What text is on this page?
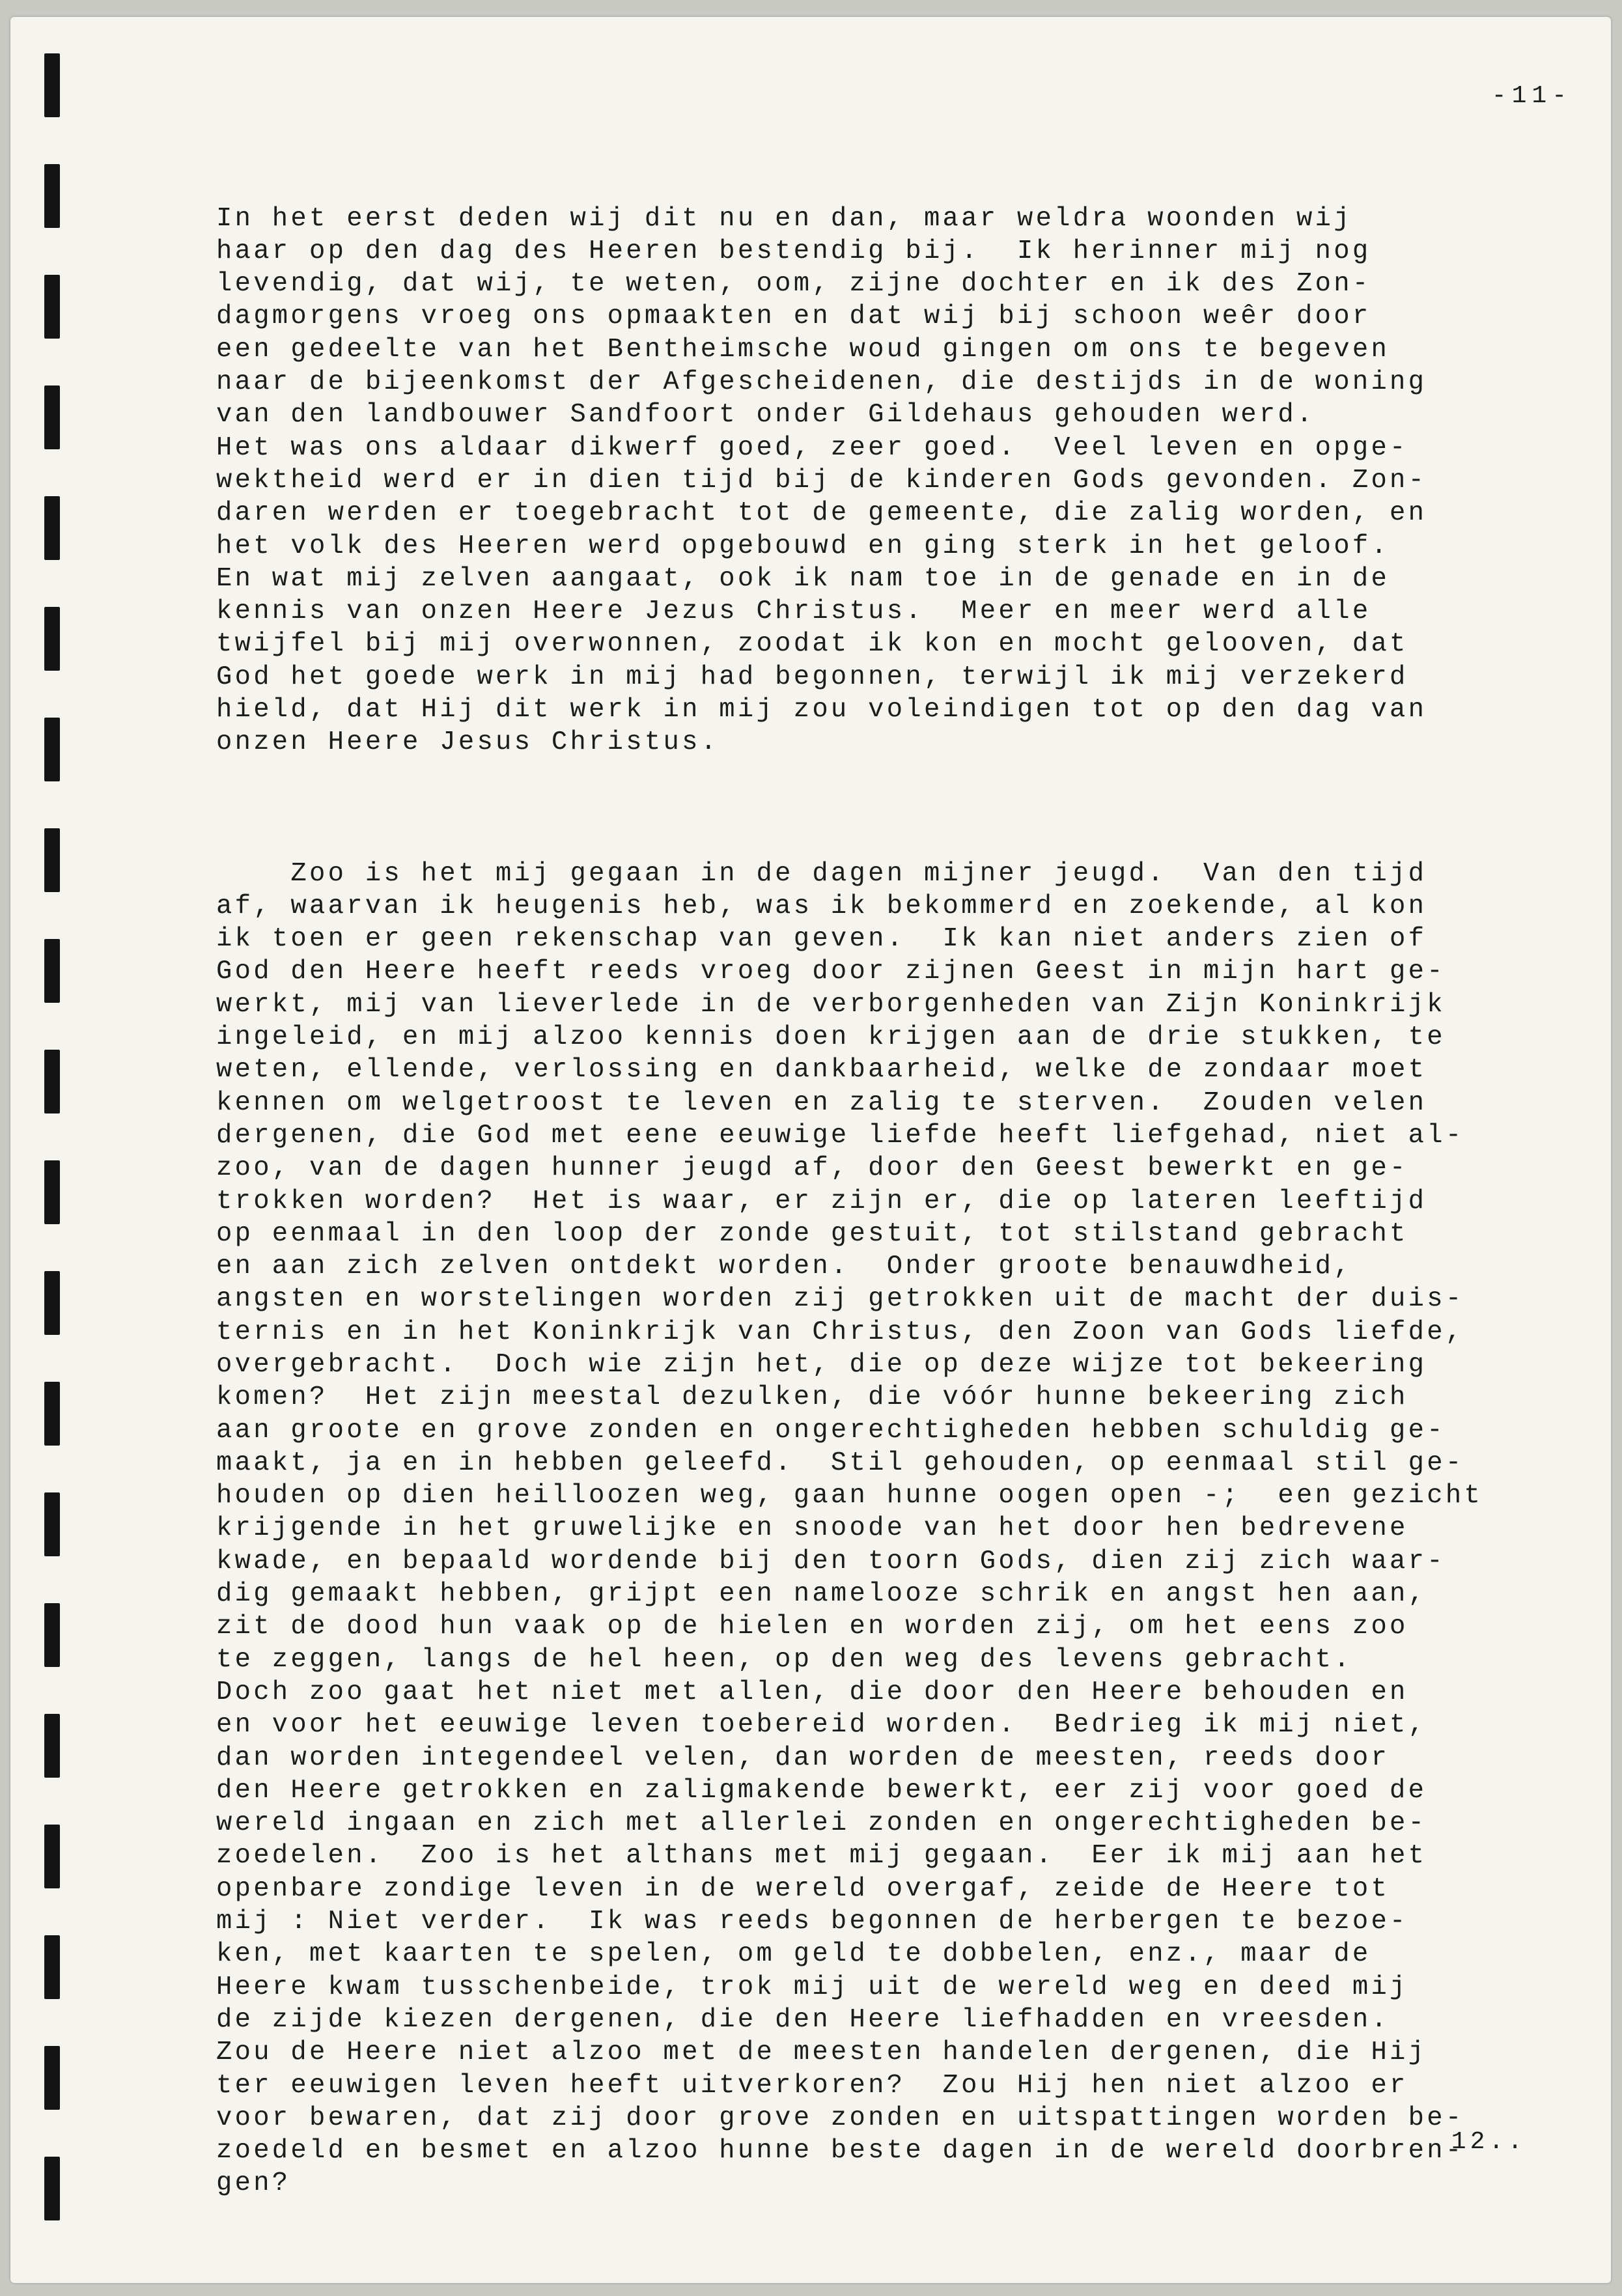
-11-

In het eerst deden wij dit nu en dan, maar weldra woonden wij
haar op den dag des Heeren bestendig bij.  Ik herinner mij nog
levendig, dat wij, te weten, oom, zijne dochter en ik des Zon-
dagmorgens vroeg ons opmaakten en dat wij bij schoon weêr door
een gedeelte van het Bentheimsche woud gingen om ons te begeven
naar de bijeenkomst der Afgescheidenen, die destijds in de woning
van den landbouwer Sandfoort onder Gildehaus gehouden werd.
Het was ons aldaar dikwerf goed, zeer goed.  Veel leven en opge-
wektheid werd er in dien tijd bij de kinderen Gods gevonden. Zon-
daren werden er toegebracht tot de gemeente, die zalig worden, en
het volk des Heeren werd opgebouwd en ging sterk in het geloof.
En wat mij zelven aangaat, ook ik nam toe in de genade en in de
kennis van onzen Heere Jezus Christus.  Meer en meer werd alle
twijfel bij mij overwonnen, zoodat ik kon en mocht gelooven, dat
God het goede werk in mij had begonnen, terwijl ik mij verzekerd
hield, dat Hij dit werk in mij zou voleindigen tot op den dag van
onzen Heere Jesus Christus.

Zoo is het mij gegaan in de dagen mijner jeugd.  Van den tijd
af, waarvan ik heugenis heb, was ik bekommerd en zoekende, al kon
ik toen er geen rekenschap van geven.  Ik kan niet anders zien of
God den Heere heeft reeds vroeg door zijnen Geest in mijn hart ge-
werkt, mij van lieverlede in de verborgenheden van Zijn Koninkrijk
ingeleid, en mij alzoo kennis doen krijgen aan de drie stukken, te
weten, ellende, verlossing en dankbaarheid, welke de zondaar moet
kennen om welgetroost te leven en zalig te sterven.  Zouden velen
dergenen, die God met eene eeuwige liefde heeft liefgehad, niet al-
zoo, van de dagen hunner jeugd af, door den Geest bewerkt en ge-
trokken worden?  Het is waar, er zijn er, die op lateren leeftijd
op eenmaal in den loop der zonde gestuit, tot stilstand gebracht
en aan zich zelven ontdekt worden.  Onder groote benauwdheid,
angsten en worstelingen worden zij getrokken uit de macht der duis-
ternis en in het Koninkrijk van Christus, den Zoon van Gods liefde,
overgebracht.  Doch wie zijn het, die op deze wijze tot bekeering
komen?  Het zijn meestal dezulken, die vóór hunne bekeering zich
aan groote en grove zonden en ongerechtigheden hebben schuldig ge-
maakt, ja en in hebben geleefd.  Stil gehouden, op eenmaal stil ge-
houden op dien heilloozen weg, gaan hunne oogen open -;  een gezicht
krijgende in het gruwelijke en snoode van het door hen bedrevene
kwade, en bepaald wordende bij den toorn Gods, dien zij zich waar-
dig gemaakt hebben, grijpt een namelooze schrik en angst hen aan,
zit de dood hun vaak op de hielen en worden zij, om het eens zoo
te zeggen, langs de hel heen, op den weg des levens gebracht.
Doch zoo gaat het niet met allen, die door den Heere behouden en
en voor het eeuwige leven toebereid worden.  Bedrieg ik mij niet,
dan worden integendeel velen, dan worden de meesten, reeds door
den Heere getrokken en zaligmakende bewerkt, eer zij voor goed de
wereld ingaan en zich met allerlei zonden en ongerechtigheden be-
zoedelen.  Zoo is het althans met mij gegaan.  Eer ik mij aan het
openbare zondige leven in de wereld overgaf, zeide de Heere tot
mij : Niet verder.  Ik was reeds begonnen de herbergen te bezoe-
ken, met kaarten te spelen, om geld te dobbelen, enz., maar de
Heere kwam tusschenbeide, trok mij uit de wereld weg en deed mij
de zijde kiezen dergenen, die den Heere liefhadden en vreesden.
Zou de Heere niet alzoo met de meesten handelen dergenen, die Hij
ter eeuwigen leven heeft uitverkoren?  Zou Hij hen niet alzoo er
voor bewaren, dat zij door grove zonden en uitspattingen worden be-
zoedeld en besmet en alzoo hunne beste dagen in de wereld doorbren-
gen?

12..
